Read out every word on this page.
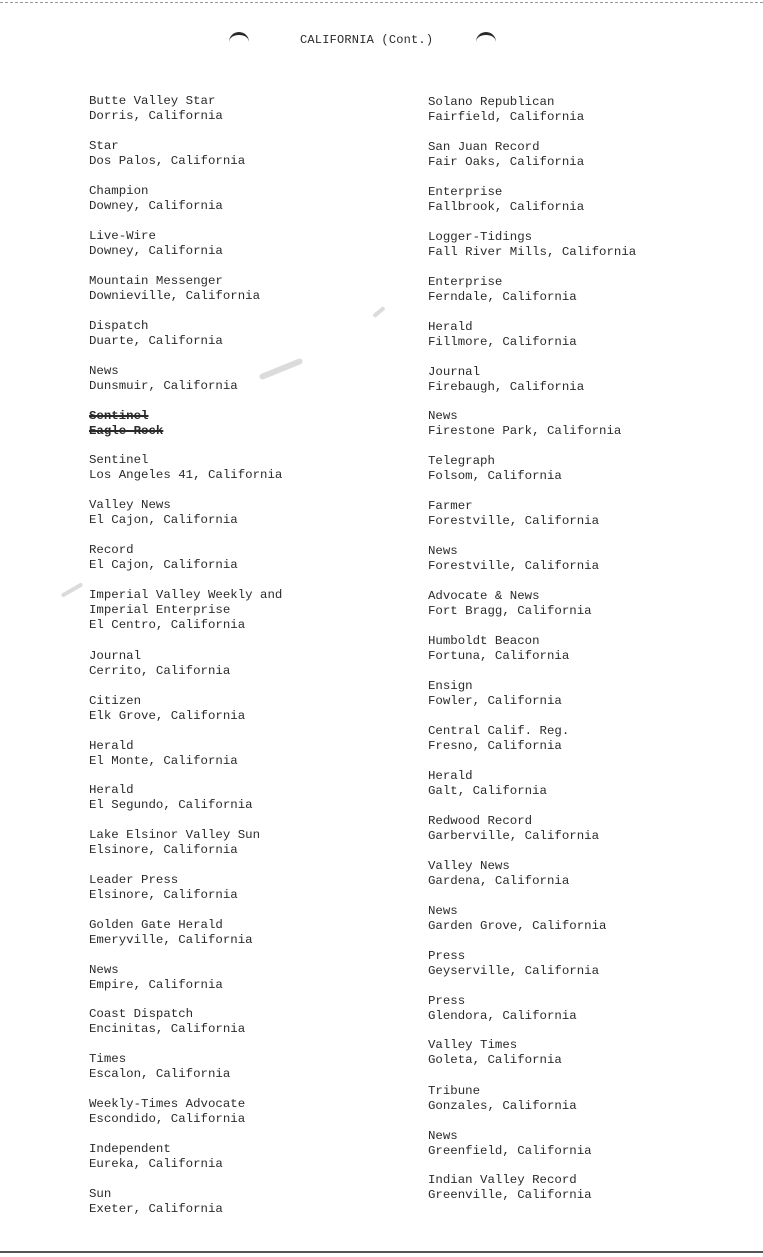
CALIFORNIA (Cont.)
Butte Valley Star
Dorris, California
Star
Dos Palos, California
Champion
Downey, California
Live-Wire
Downey, California
Mountain Messenger
Downieville, California
Dispatch
Duarte, California
News
Dunsmuir, California
Sentinel
Eagle Rock
Sentinel
Los Angeles 41, California
Valley News
El Cajon, California
Record
El Cajon, California
Imperial Valley Weekly and
Imperial Enterprise
El Centro, California
Journal
Cerrito, California
Citizen
Elk Grove, California
Herald
El Monte, California
Herald
El Segundo, California
Lake Elsinor Valley Sun
Elsinore, California
Leader Press
Elsinore, California
Golden Gate Herald
Emeryville, California
News
Empire, California
Coast Dispatch
Encinitas, California
Times
Escalon, California
Weekly-Times Advocate
Escondido, California
Independent
Eureka, California
Sun
Exeter, California
Solano Republican
Fairfield, California
San Juan Record
Fair Oaks, California
Enterprise
Fallbrook, California
Logger-Tidings
Fall River Mills, California
Enterprise
Ferndale, California
Herald
Fillmore, California
Journal
Firebaugh, California
News
Firestone Park, California
Telegraph
Folsom, California
Farmer
Forestville, California
News
Forestville, California
Advocate & News
Fort Bragg, California
Humboldt Beacon
Fortuna, California
Ensign
Fowler, California
Central Calif. Reg.
Fresno, California
Herald
Galt, California
Redwood Record
Garberville, California
Valley News
Gardena, California
News
Garden Grove, California
Press
Geyserville, California
Press
Glendora, California
Valley Times
Goleta, California
Tribune
Gonzales, California
News
Greenfield, California
Indian Valley Record
Greenville, California
